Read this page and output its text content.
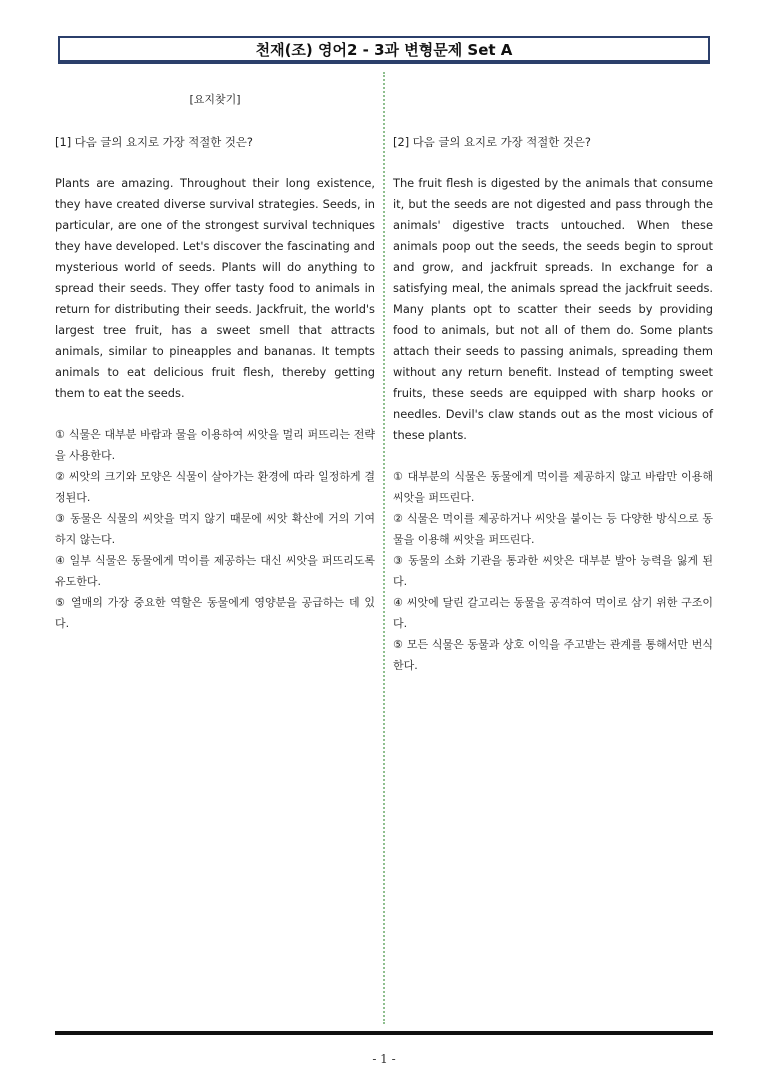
천재(조) 영어2 - 3과 변형문제 Set A
[요지찾기]
[1] 다음 글의 요지로 가장 적절한 것은?
Plants are amazing. Throughout their long existence, they have created diverse survival strategies. Seeds, in particular, are one of the strongest survival techniques they have developed. Let's discover the fascinating and mysterious world of seeds. Plants will do anything to spread their seeds. They offer tasty food to animals in return for distributing their seeds. Jackfruit, the world's largest tree fruit, has a sweet smell that attracts animals, similar to pineapples and bananas. It tempts animals to eat delicious fruit flesh, thereby getting them to eat the seeds.

① 식물은 대부분 바람과 물을 이용하여 씨앗을 멀리 퍼뜨리는 전략을 사용한다.

② 씨앗의 크기와 모양은 식물이 살아가는 환경에 따라 일정하게 결정된다.

③ 동물은 식물의 씨앗을 먹지 않기 때문에 씨앗 확산에 거의 기여하지 않는다.

④ 일부 식물은 동물에게 먹이를 제공하는 대신 씨앗을 퍼뜨리도록 유도한다.

⑤ 열매의 가장 중요한 역할은 동물에게 영양분을 공급하는 데 있다.

[2] 다음 글의 요지로 가장 적절한 것은?
The fruit flesh is digested by the animals that consume it, but the seeds are not digested and pass through the animals' digestive tracts untouched. When these animals poop out the seeds, the seeds begin to sprout and grow, and jackfruit spreads. In exchange for a satisfying meal, the animals spread the jackfruit seeds. Many plants opt to scatter their seeds by providing food to animals, but not all of them do. Some plants attach their seeds to passing animals, spreading them without any return benefit. Instead of tempting sweet fruits, these seeds are equipped with sharp hooks or needles. Devil's claw stands out as the most vicious of these plants.

① 대부분의 식물은 동물에게 먹이를 제공하지 않고 바람만 이용해 씨앗을 퍼뜨린다.

② 식물은 먹이를 제공하거나 씨앗을 붙이는 등 다양한 방식으로 동물을 이용해 씨앗을 퍼뜨린다.

③ 동물의 소화 기관을 통과한 씨앗은 대부분 발아 능력을 잃게 된다.

④ 씨앗에 달린 갈고리는 동물을 공격하여 먹이로 삼기 위한 구조이다.

⑤ 모든 식물은 동물과 상호 이익을 주고받는 관계를 통해서만 번식한다.

- 1 -
